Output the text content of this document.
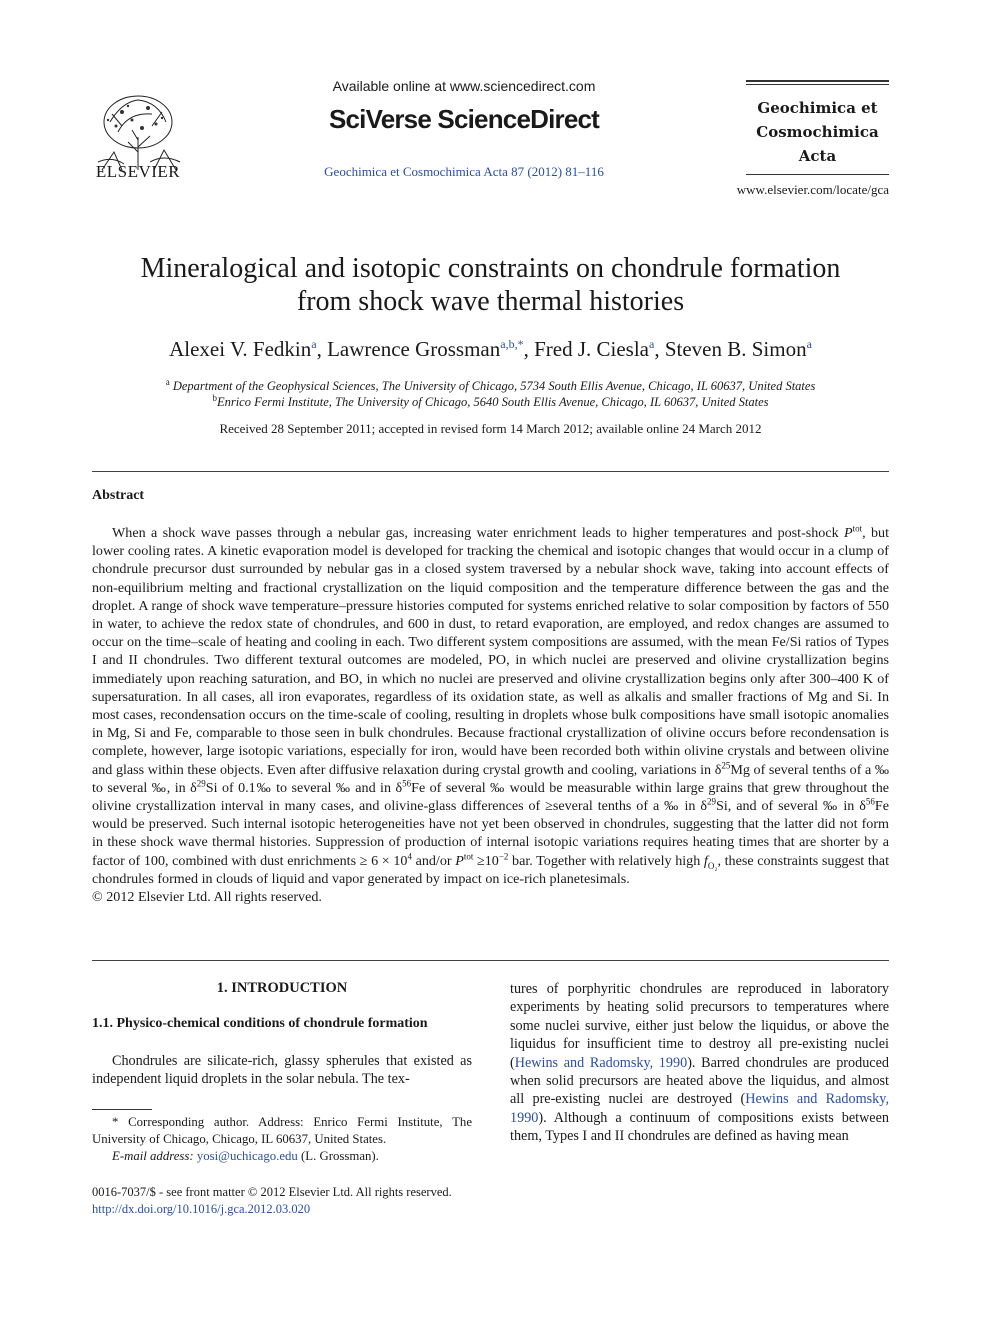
ELSEVIER
Available online at www.sciencedirect.com
SciVerse ScienceDirect
Geochimica et Cosmochimica Acta 87 (2012) 81–116
Geochimica et
Cosmochimica
Acta
www.elsevier.com/locate/gca
Mineralogical and isotopic constraints on chondrule formation
from shock wave thermal histories
Alexei V. Fedkin$^a$, Lawrence Grossman$^{a,b,*}$, Fred J. Ciesla$^a$, Steven B. Simon$^a$
$^a$ Department of the Geophysical Sciences, The University of Chicago, 5734 South Ellis Avenue, Chicago, IL 60637, United States
$^b$Enrico Fermi Institute, The University of Chicago, 5640 South Ellis Avenue, Chicago, IL 60637, United States
Received 28 September 2011; accepted in revised form 14 March 2012; available online 24 March 2012
Abstract

When a shock wave passes through a nebular gas, increasing water enrichment leads to higher temperatures and post-shock $P^{tot}$, but lower cooling rates. A kinetic evaporation model is developed for tracking the chemical and isotopic changes that would occur in a clump of chondrule precursor dust surrounded by nebular gas in a closed system traversed by a nebular shock wave, taking into account effects of non-equilibrium melting and fractional crystallization on the liquid composition and the temperature difference between the gas and the droplet. A range of shock wave temperature–pressure histories computed for systems enriched relative to solar composition by factors of 550 in water, to achieve the redox state of chondrules, and 600 in dust, to retard evaporation, are employed, and redox changes are assumed to occur on the time–scale of heating and cooling in each. Two different system compositions are assumed, with the mean Fe/Si ratios of Types I and II chondrules. Two different textural outcomes are modeled, PO, in which nuclei are preserved and olivine crystallization begins immediately upon reaching saturation, and BO, in which no nuclei are preserved and olivine crystallization begins only after 300–400 K of supersaturation. In all cases, all iron evaporates, regardless of its oxidation state, as well as alkalis and smaller fractions of Mg and Si. In most cases, recondensation occurs on the time-scale of cooling, resulting in droplets whose bulk compositions have small isotopic anomalies in Mg, Si and Fe, comparable to those seen in bulk chondrules. Because fractional crystallization of olivine occurs before recondensation is complete, however, large isotopic variations, especially for iron, would have been recorded both within olivine crystals and between olivine and glass within these objects. Even after diffusive relaxation during crystal growth and cooling, variations in $\delta^{25}Mg$ of several tenths of a ‰ to several ‰, in $\delta^{29}Si$ of 0.1‰ to several ‰ and in $\delta^{56}Fe$ of several ‰ would be measurable within large grains that grew throughout the olivine crystallization interval in many cases, and olivine-glass differences of ≥several tenths of a ‰ in $\delta^{29}Si$, and of several ‰ in $\delta^{56}Fe$ would be preserved. Such internal isotopic heterogeneities have not yet been observed in chondrules, suggesting that the latter did not form in these shock wave thermal histories. Suppression of production of internal isotopic variations requires heating times that are shorter by a factor of 100, combined with dust enrichments ≥ $6 \times 10^4$ and/or $P^{tot} \ge 10^{-2}$ bar. Together with relatively high $f_{O_2}$, these constraints suggest that chondrules formed in clouds of liquid and vapor generated by impact on ice-rich planetesimals.

© 2012 Elsevier Ltd. All rights reserved.

1. INTRODUCTION
1.1. Physico-chemical conditions of chondrule formation

Chondrules are silicate-rich, glassy spherules that existed as independent liquid droplets in the solar nebula. The tex-

tures of porphyritic chondrules are reproduced in laboratory experiments by heating solid precursors to temperatures where some nuclei survive, either just below the liquidus, or above the liquidus for insufficient time to destroy all pre-existing nuclei (Hewins and Radomsky, 1990). Barred chondrules are produced when solid precursors are heated above the liquidus, and almost all pre-existing nuclei are destroyed (Hewins and Radomsky, 1990). Although a continuum of compositions exists between them, Types I and II chondrules are defined as having mean

* Corresponding author. Address: Enrico Fermi Institute, The University of Chicago, Chicago, IL 60637, United States.

E-mail address: yosi@uchicago.edu (L. Grossman).

0016-7037/$ - see front matter © 2012 Elsevier Ltd. All rights reserved.
http://dx.doi.org/10.1016/j.gca.2012.03.020
